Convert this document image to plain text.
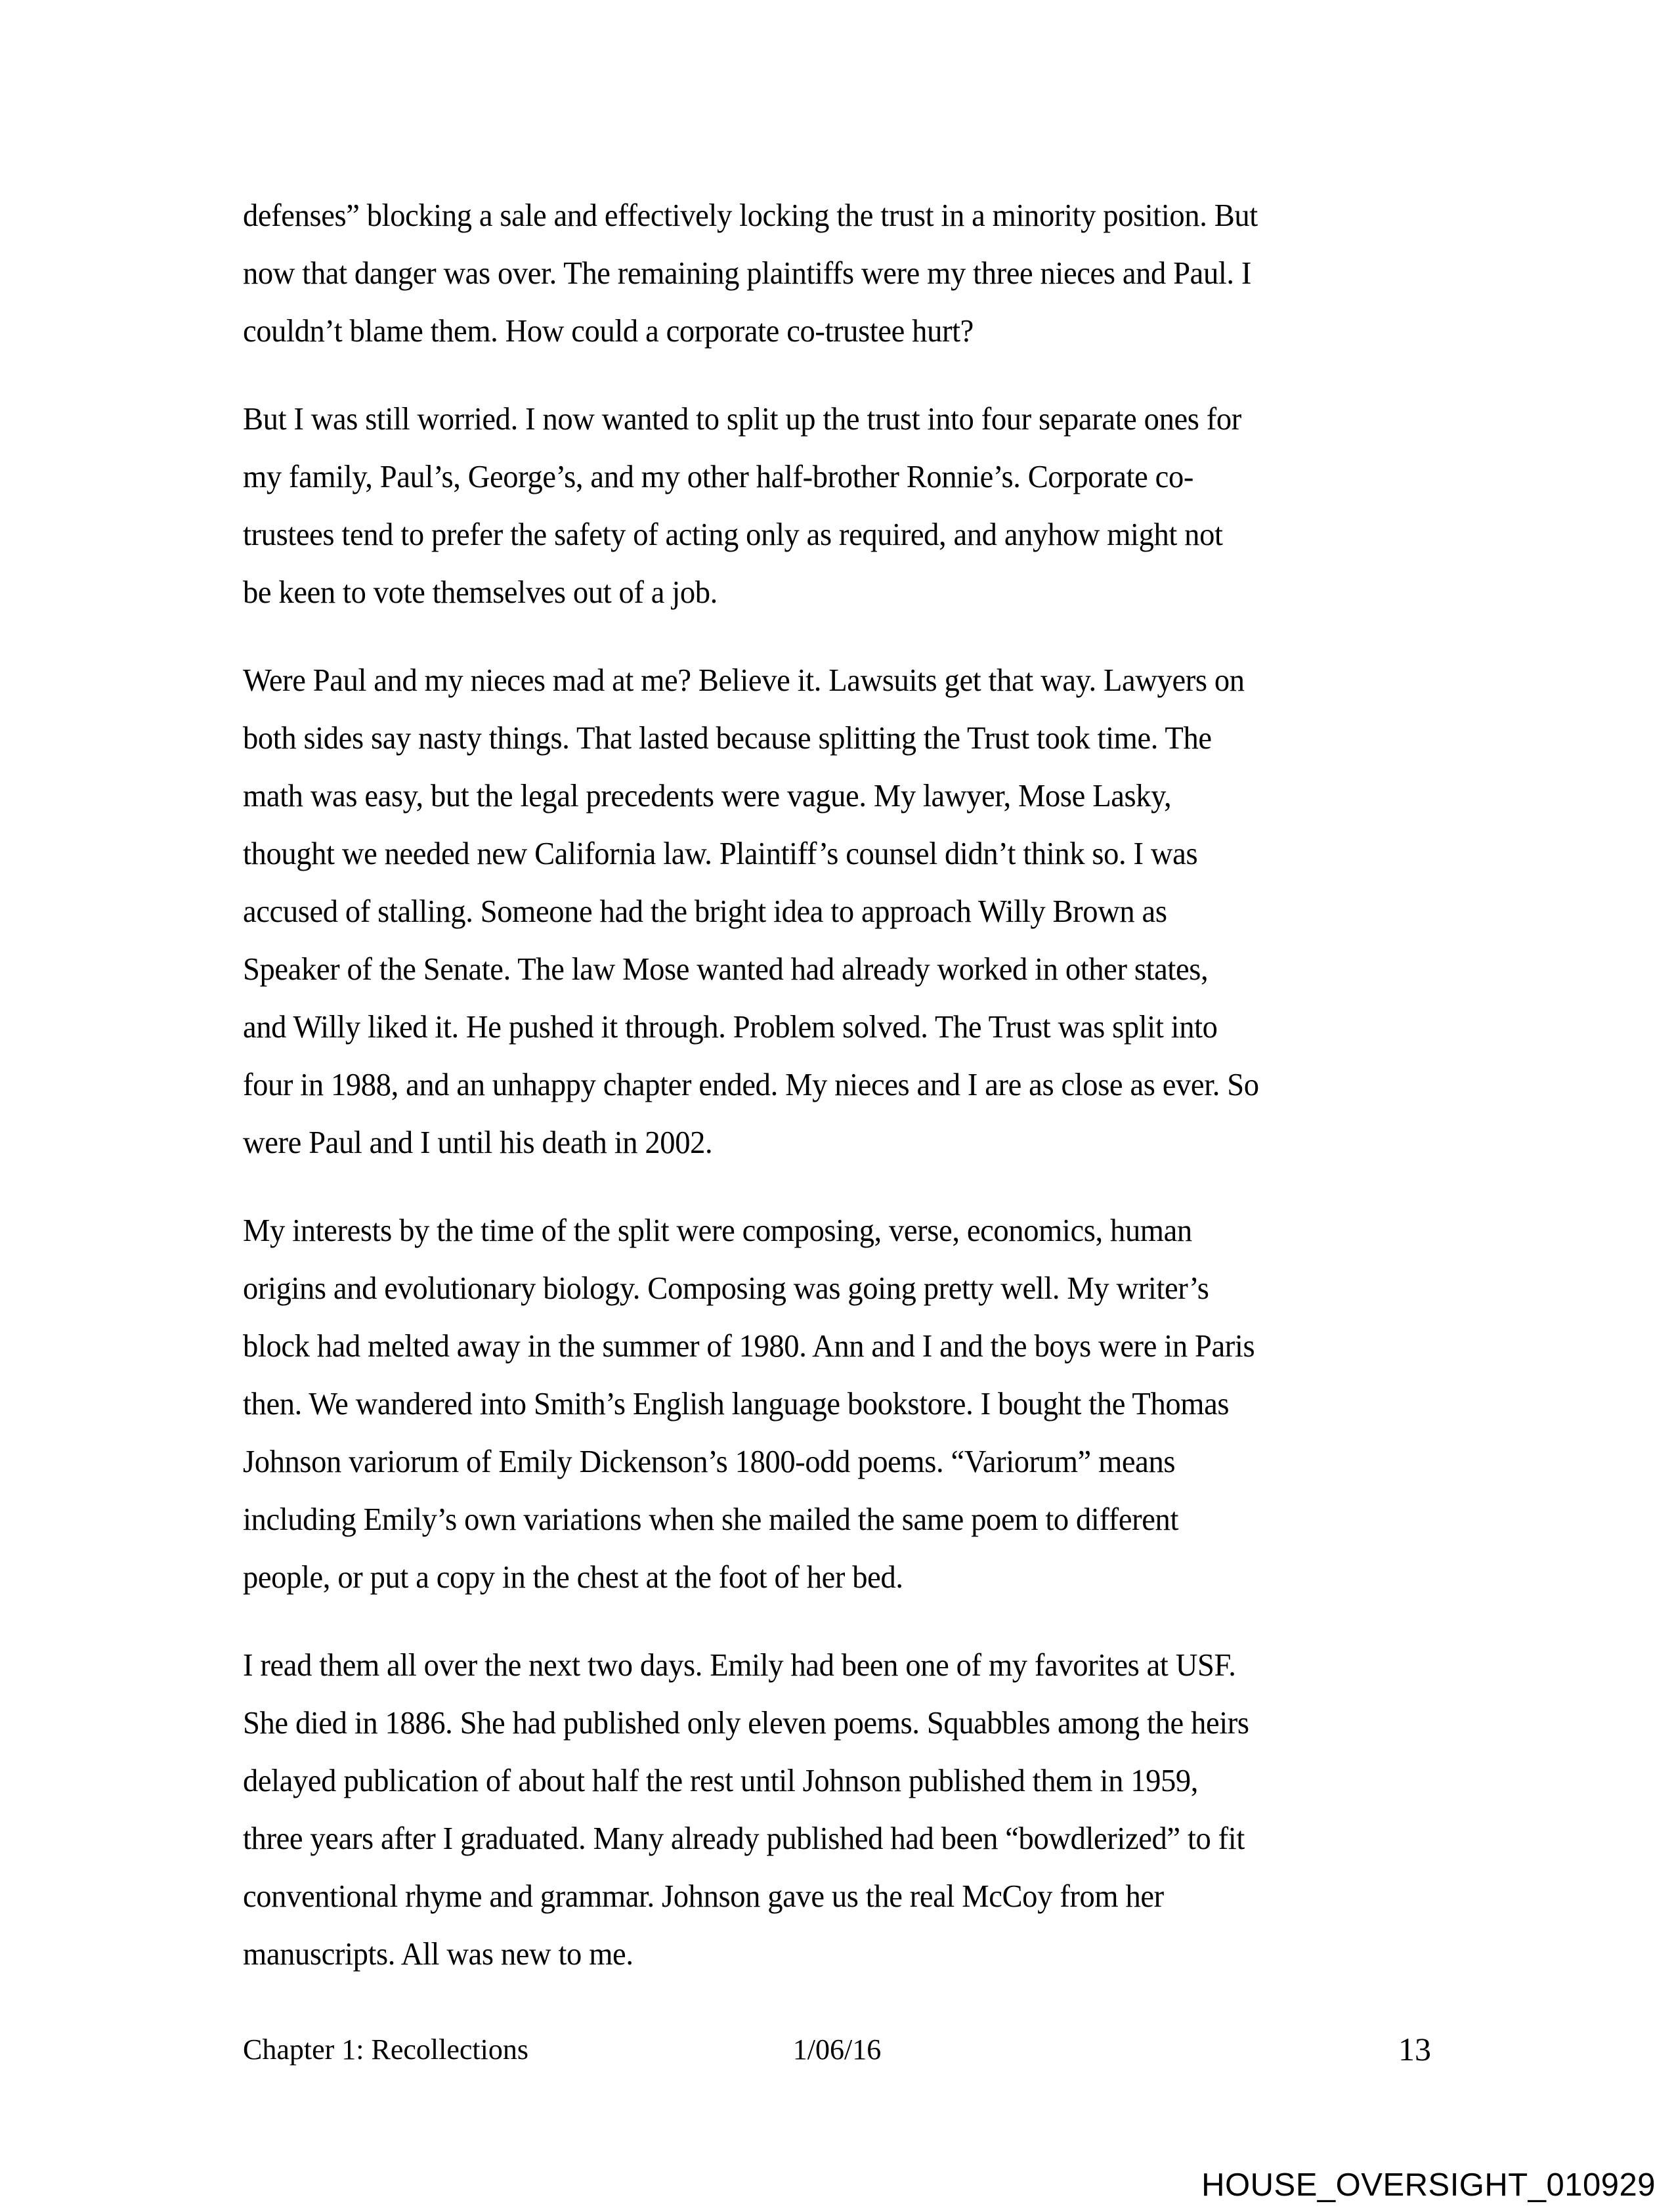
defenses” blocking a sale and effectively locking the trust in a minority position. But
now that danger was over. The remaining plaintiffs were my three nieces and Paul. I
couldn’t blame them. How could a corporate co-trustee hurt?

But I was still worried. I now wanted to split up the trust into four separate ones for
my family, Paul’s, George’s, and my other half-brother Ronnie’s. Corporate co-
trustees tend to prefer the safety of acting only as required, and anyhow might not
be keen to vote themselves out of a job.

Were Paul and my nieces mad at me? Believe it. Lawsuits get that way. Lawyers on
both sides say nasty things. That lasted because splitting the Trust took time. The
math was easy, but the legal precedents were vague. My lawyer, Mose Lasky,
thought we needed new California law. Plaintiff’s counsel didn’t think so. I was
accused of stalling. Someone had the bright idea to approach Willy Brown as
Speaker of the Senate. The law Mose wanted had already worked in other states,
and Willy liked it. He pushed it through. Problem solved. The Trust was split into
four in 1988, and an unhappy chapter ended. My nieces and I are as close as ever. So
were Paul and I until his death in 2002.

My interests by the time of the split were composing, verse, economics, human
origins and evolutionary biology. Composing was going pretty well. My writer’s
block had melted away in the summer of 1980. Ann and I and the boys were in Paris
then. We wandered into Smith’s English language bookstore. I bought the Thomas
Johnson variorum of Emily Dickenson’s 1800-odd poems. “Variorum” means
including Emily’s own variations when she mailed the same poem to different
people, or put a copy in the chest at the foot of her bed.

I read them all over the next two days. Emily had been one of my favorites at USF.
She died in 1886. She had published only eleven poems. Squabbles among the heirs
delayed publication of about half the rest until Johnson published them in 1959,
three years after I graduated. Many already published had been “bowdlerized” to fit
conventional rhyme and grammar. Johnson gave us the real McCoy from her
manuscripts. All was new to me.

Chapter 1: Recollections	1/06/16	13
HOUSE_OVERSIGHT_010929
